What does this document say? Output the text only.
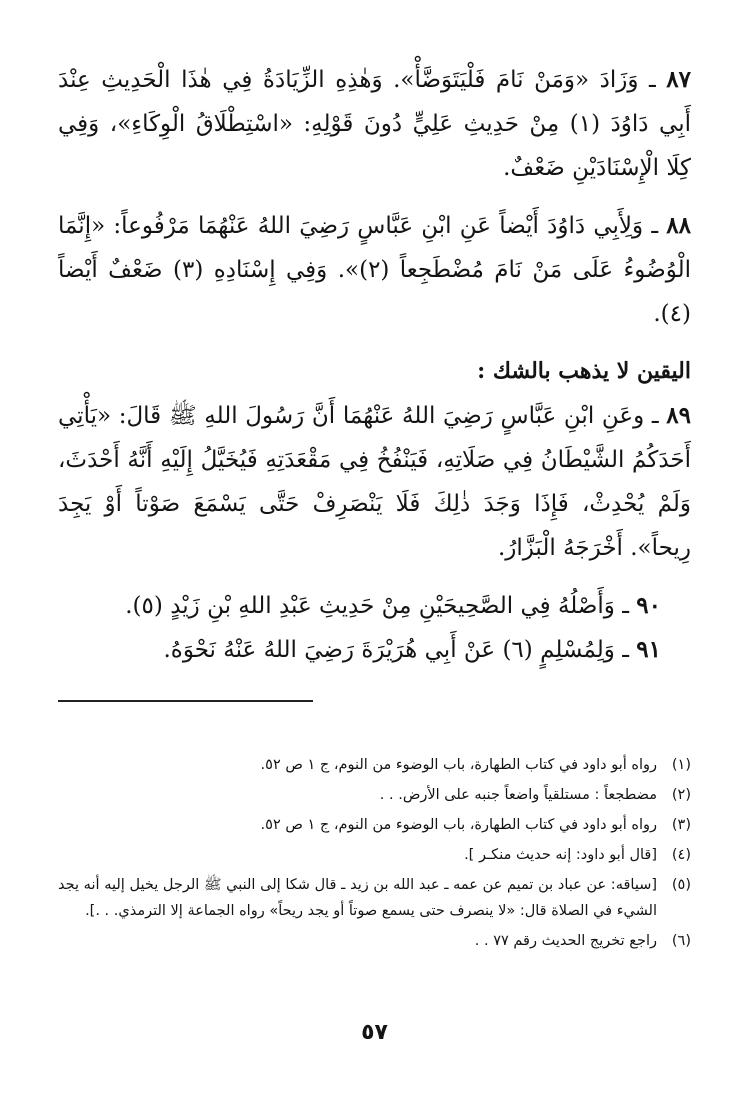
٨٧ ـ وَزَادَ «وَمَنْ نَامَ فَلْيَتَوَضَّأْ». وَهٰذِهِ الزِّيَادَةُ فِي هٰذَا الْحَدِيثِ عِنْدَ أَبِي دَاوُدَ (١) مِنْ حَدِيثِ عَلِيٍّ دُونَ قَوْلِهِ: «اسْتِطْلَاقُ الْوِكَاءِ»، وَفِي كِلَا الْإِسْنَادَيْنِ ضَعْفٌ.

٨٨ ـ وَلِأَبِي دَاوُدَ أَيْضاً عَنِ ابْنِ عَبَّاسٍ رَضِيَ اللهُ عَنْهُمَا مَرْفُوعاً: «إِنَّمَا الْوُضُوءُ عَلَى مَنْ نَامَ مُضْطَجِعاً (٢)». وَفِي إِسْنَادِهِ (٣) ضَعْفٌ أَيْضاً (٤).

اليقين لا يذهب بالشك :

٨٩ ـ وعَنِ ابْنِ عَبَّاسٍ رَضِيَ اللهُ عَنْهُمَا أَنَّ رَسُولَ اللهِ ﷺ قَالَ: «يَأْتِي أَحَدَكُمُ الشَّيْطَانُ فِي صَلَاتِهِ، فَيَنْفُخُ فِي مَقْعَدَتِهِ فَيُخَيَّلُ إِلَيْهِ أَنَّهُ أَحْدَثَ، وَلَمْ يُحْدِثْ، فَإِذَا وَجَدَ ذٰلِكَ فَلَا يَنْصَرِفْ حَتَّى يَسْمَعَ صَوْتاً أَوْ يَجِدَ رِيحاً». أَخْرَجَهُ الْبَزَّارُ.

٩٠ ـ وَأَصْلُهُ فِي الصَّحِيحَيْنِ مِنْ حَدِيثِ عَبْدِ اللهِ بْنِ زَيْدٍ (٥).

٩١ ـ وَلِمُسْلِمٍ (٦) عَنْ أَبِي هُرَيْرَةَ رَضِيَ اللهُ عَنْهُ نَحْوَهُ.

(١)
رواه أبو داود في كتاب الطهارة، باب الوضوء من النوم، ج ١ ص ٥٢.
(٢)
مضطجعاً : مستلقياً واضعاً جنبه على الأرض. . .
(٣)
رواه أبو داود في كتاب الطهارة، باب الوضوء من النوم، ج ١ ص ٥٢.
(٤)
[قال أبو داود: إنه حديث منكـر ].
(٥)
[سياقه: عن عباد بن تميم عن عمه ـ عبد الله بن زيد ـ قال شكا إلى النبي ﷺ الرجل يخيل إليه أنه يجد الشيء في الصلاة قال: «لا ينصرف حتى يسمع صوتاً أو يجد ريحاً» رواه الجماعة إلا الترمذي. . .].
(٦)
راجع تخريج الحديث رقم ٧٧ . .
٥٧
